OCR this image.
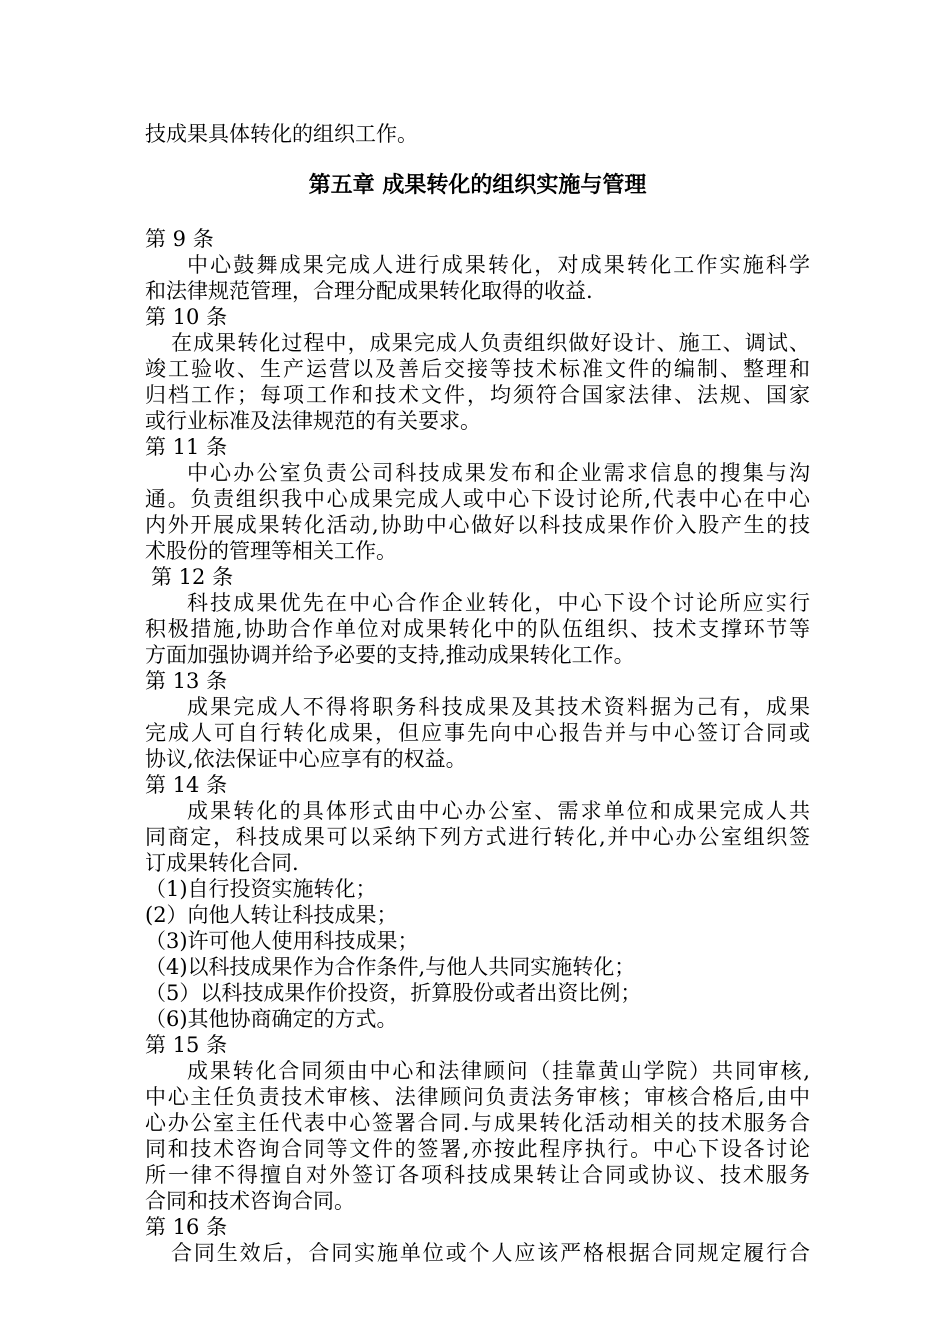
技成果具体转化的组织工作。
第五章 成果转化的组织实施与管理
第 9 条
中心鼓舞成果完成人进行成果转化，对成果转化工作实施科学
和法律规范管理，合理分配成果转化取得的收益.
第 10 条
在成果转化过程中，成果完成人负责组织做好设计、施工、调试、
竣工验收、生产运营以及善后交接等技术标准文件的编制、整理和
归档工作；每项工作和技术文件，均须符合国家法律、法规、国家
或行业标准及法律规范的有关要求。
第 11 条
中心办公室负责公司科技成果发布和企业需求信息的搜集与沟
通。负责组织我中心成果完成人或中心下设讨论所,代表中心在中心
内外开展成果转化活动,协助中心做好以科技成果作价入股产生的技
术股份的管理等相关工作。
第 12 条
科技成果优先在中心合作企业转化，中心下设个讨论所应实行
积极措施,协助合作单位对成果转化中的队伍组织、技术支撑环节等
方面加强协调并给予必要的支持,推动成果转化工作。
第 13 条
成果完成人不得将职务科技成果及其技术资料据为己有，成果
完成人可自行转化成果，但应事先向中心报告并与中心签订合同或
协议,依法保证中心应享有的权益。
第 14 条
成果转化的具体形式由中心办公室、需求单位和成果完成人共
同商定，科技成果可以采纳下列方式进行转化,并中心办公室组织签
订成果转化合同.
（1)自行投资实施转化；
(2）向他人转让科技成果；
（3)许可他人使用科技成果；
（4)以科技成果作为合作条件,与他人共同实施转化；
（5）以科技成果作价投资，折算股份或者出资比例；
（6)其他协商确定的方式。
第 15 条
成果转化合同须由中心和法律顾问（挂靠黄山学院）共同审核,
中心主任负责技术审核、法律顾问负责法务审核；审核合格后,由中
心办公室主任代表中心签署合同.与成果转化活动相关的技术服务合
同和技术咨询合同等文件的签署,亦按此程序执行。中心下设各讨论
所一律不得擅自对外签订各项科技成果转让合同或协议、技术服务
合同和技术咨询合同。
第 16 条
合同生效后，合同实施单位或个人应该严格根据合同规定履行合
